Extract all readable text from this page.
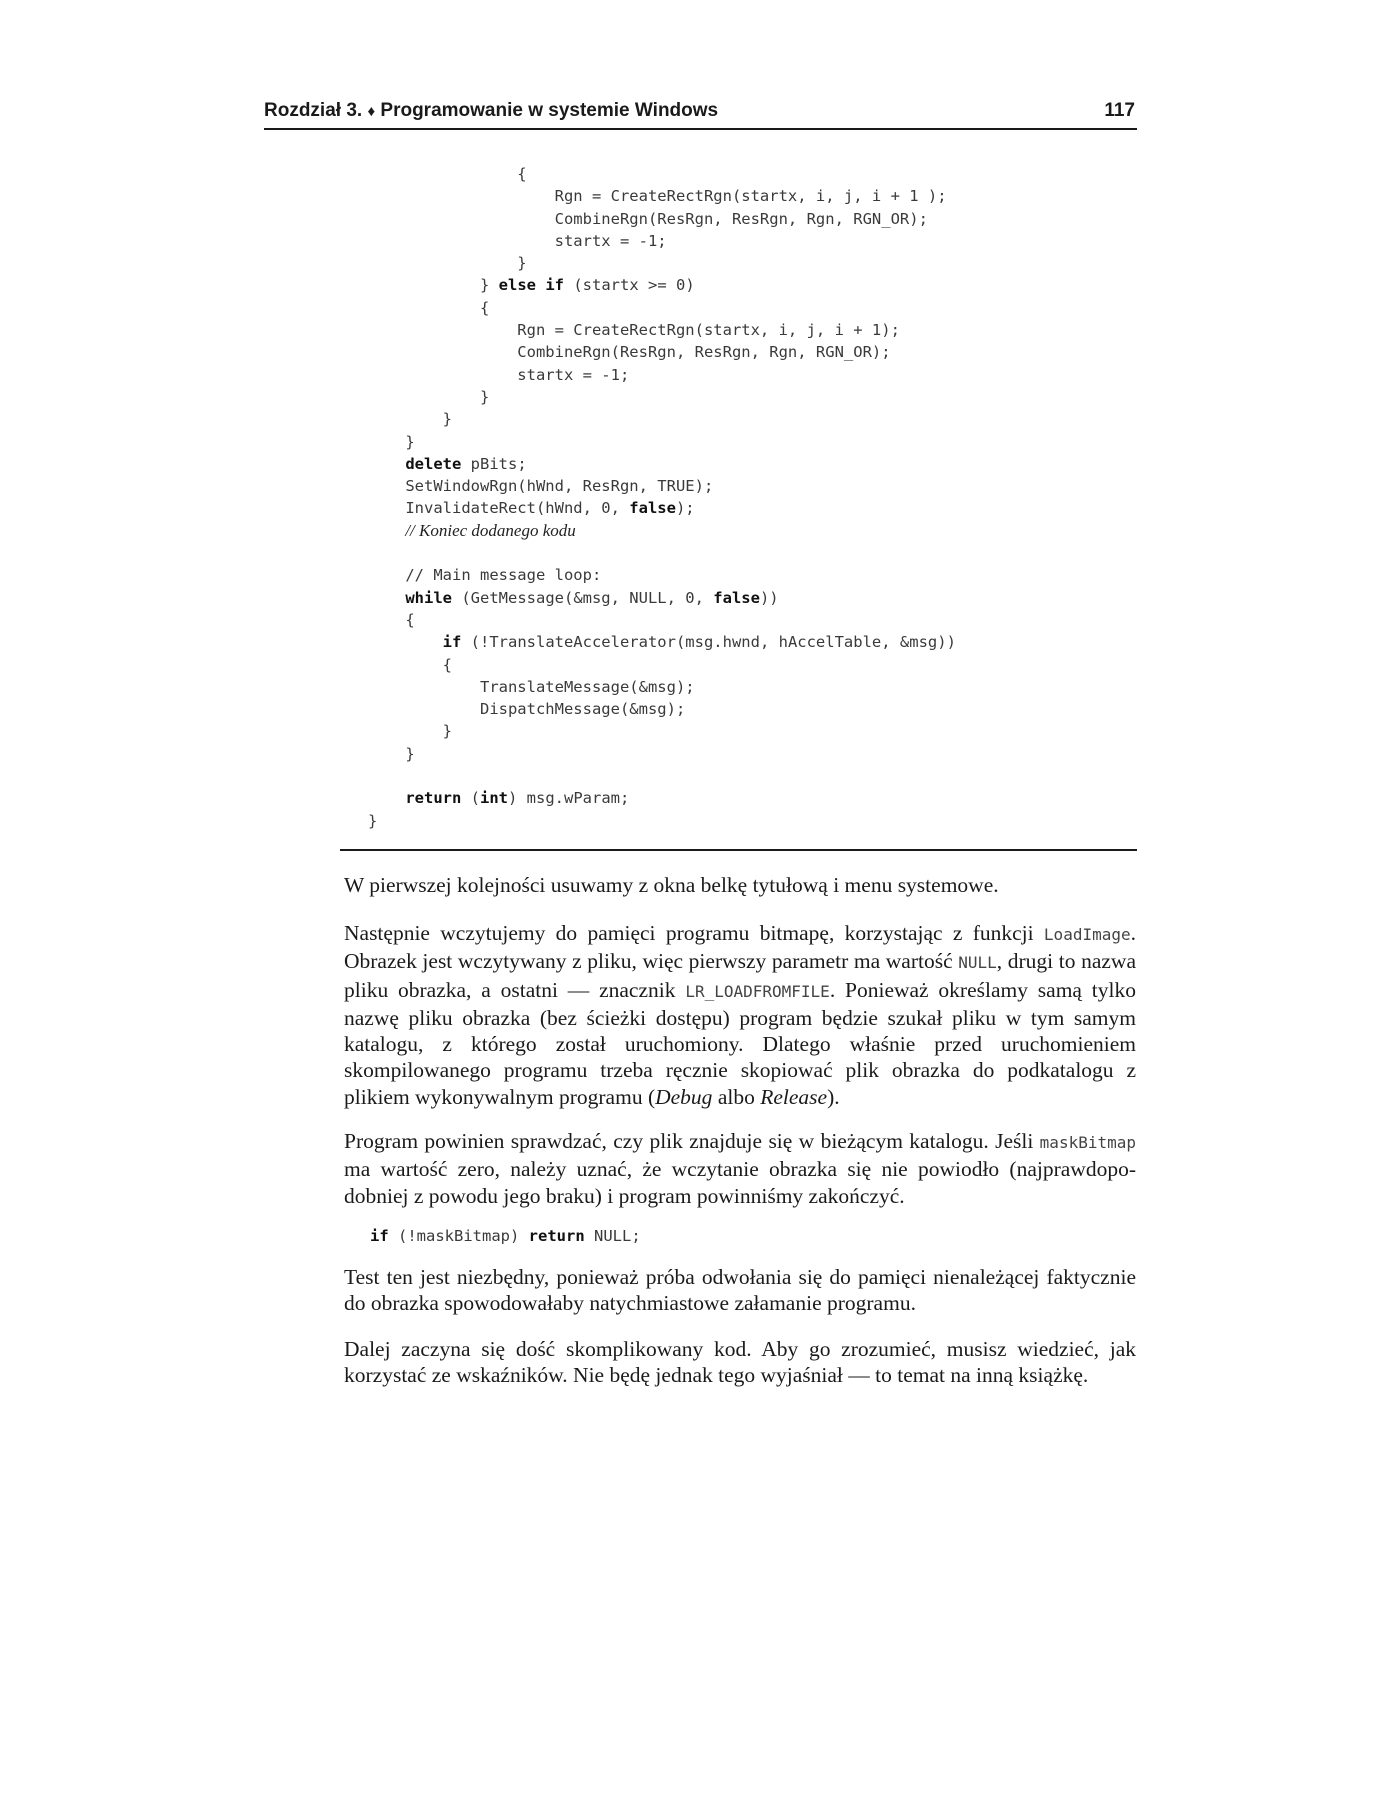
Rozdział 3. ♦ Programowanie w systemie Windows	117
{
Rgn = CreateRectRgn(startx, i, j, i + 1 );
CombineRgn(ResRgn, ResRgn, Rgn, RGN_OR);
startx = -1;
}
} else if (startx >= 0)
{
Rgn = CreateRectRgn(startx, i, j, i + 1);
CombineRgn(ResRgn, ResRgn, Rgn, RGN_OR);
startx = -1;
}
}
}
delete pBits;
SetWindowRgn(hWnd, ResRgn, TRUE);
InvalidateRect(hWnd, 0, false);
// Koniec dodanego kodu

// Main message loop:
while (GetMessage(&msg, NULL, 0, false))
{
if (!TranslateAccelerator(msg.hwnd, hAccelTable, &msg))
{
TranslateMessage(&msg);
DispatchMessage(&msg);
}
}

return (int) msg.wParam;
}

W pierwszej kolejności usuwamy z okna belkę tytułową i menu systemowe.

Następnie wczytujemy do pamięci programu bitmapę, korzystając z funkcji LoadImage. Obrazek jest wczytywany z pliku, więc pierwszy parametr ma wartość NULL, drugi to nazwa pliku obrazka, a ostatni — znacznik LR_LOADFROMFILE. Ponieważ określamy samą tylko nazwę pliku obrazka (bez ścieżki dostępu) program będzie szukał pliku w tym samym katalogu, z którego został uruchomiony. Dlatego właśnie przed uruchomieniem skompilowanego programu trzeba ręcznie skopiować plik obrazka do podkatalogu z plikiem wykonywalnym programu (Debug albo Release).

Program powinien sprawdzać, czy plik znajduje się w bieżącym katalogu. Jeśli maskBitmap ma wartość zero, należy uznać, że wczytanie obrazka się nie powiodło (najprawdopodobniej z powodu jego braku) i program powinniśmy zakończyć.

if (!maskBitmap) return NULL;

Test ten jest niezbędny, ponieważ próba odwołania się do pamięci nienależącej faktycznie do obrazka spowodowałaby natychmiastowe załamanie programu.

Dalej zaczyna się dość skomplikowany kod. Aby go zrozumieć, musisz wiedzieć, jak korzystać ze wskaźników. Nie będę jednak tego wyjaśniał — to temat na inną książkę.
